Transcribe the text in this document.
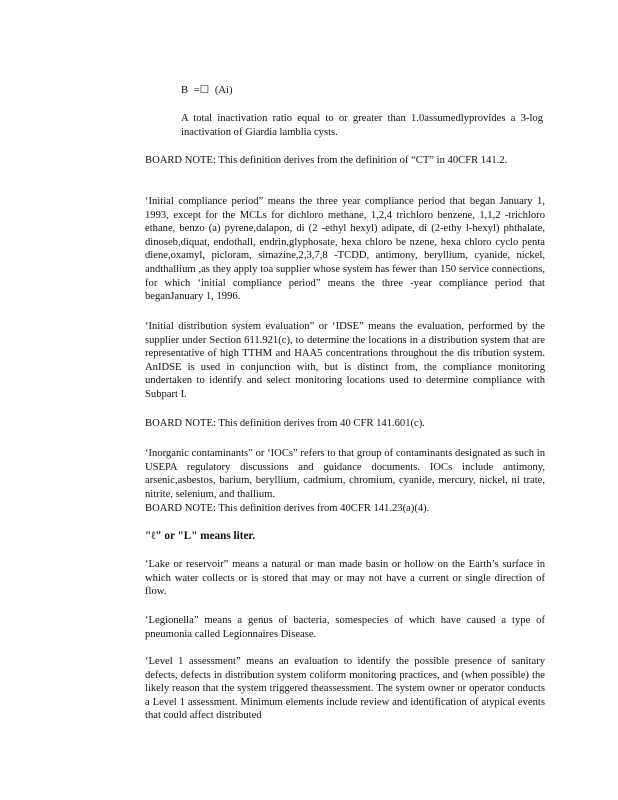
B =☐ (Ai)

A total inactivation ratio equal to or greater than 1.0assumedlyprovides a 3-log inactivation of Giardia lamblia cysts.

BOARD NOTE: This definition derives from the definition of “CT” in 40CFR 141.2.

‘Initial compliance period” means the three year compliance period that began January 1, 1993, except for the MCLs for dichloro methane, 1,2,4 trichloro benzene, 1,1,2 -trichloro ethane, benzo (a) pyrene,dalapon, di (2 -ethyl hexyl) adipate, di (2-ethy l-hexyl) phthalate, dinoseb,diquat, endothall, endrin,glyphosate, hexa chloro be nzene, hexa chloro cyclo penta diene,oxamyl, picloram, simazine,2,3,7,8 -TCDD, antimony, beryllium, cyanide, nickel, andthallium ,as they apply toa supplier whose system has fewer than 150 service connections, for which ‘initial compliance period” means the three -year compliance period that beganJanuary 1, 1996.

‘Initial distribution system evaluation” or ‘IDSE” means the evaluation, performed by the supplier under Section 611.921(c), to determine the locations in a distribution system that are representative of high TTHM and HAA5 concentrations throughout the dis tribution system. AnIDSE is used in conjunction with, but is distinct from, the compliance monitoring undertaken to identify and select monitoring locations used to determine compliance with Subpart I.

BOARD NOTE: This definition derives from 40 CFR 141.601(c).

‘Inorganic contaminants” or ‘IOCs” refers to that group of contaminants designated as such in USEPA regulatory discussions and guidance documents. IOCs include antimony, arsenic,asbestos, barium, beryllium, cadmium, chromium, cyanide, mercury, nickel, ni trate, nitrite, selenium, and thallium.

BOARD NOTE: This definition derives from 40CFR 141.23(a)(4).

"ℓ" or "L" means liter.

‘Lake or reservoir” means a natural or man made basin or hollow on the Earth’s surface in which water collects or is stored that may or may not have a current or single direction of flow.

‘Legionella” means a genus of bacteria, somespecies of which have caused a type of pneumonia called Legionnaires Disease.

‘Level 1 assessment” means an evaluation to identify the possible presence of sanitary defects, defects in distribution system coliform monitoring practices, and (when possible) the likely reason that the system triggered theassessment. The system owner or operator conducts a Level 1 assessment. Minimum elements include review and identification of atypical events that could affect distributed
